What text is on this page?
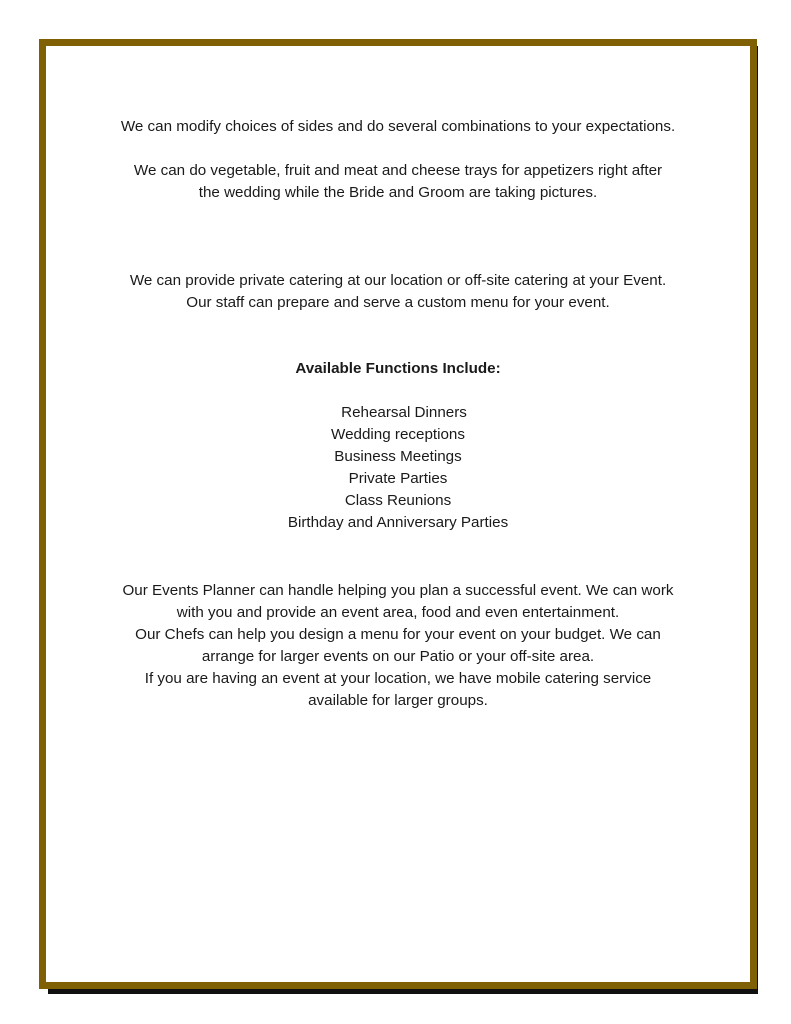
We can modify choices of sides and do several combinations to your expectations.

We can do vegetable, fruit and meat and cheese trays for appetizers right after
the wedding while the Bride and Groom are taking pictures.

We can provide private catering at our location or off-site catering at your Event.
Our staff can prepare and serve a custom menu for your event.

Available Functions Include:

Rehearsal Dinners
Wedding receptions
Business Meetings
Private Parties
Class Reunions
Birthday and Anniversary Parties

Our Events Planner can handle helping you plan a successful event. We can work
with you and provide an event area, food and even entertainment.
Our Chefs can help you design a menu for your event on your budget. We can
arrange for larger events on our Patio or your off-site area.
If you are having an event at your location, we have mobile catering service
available for larger groups.
